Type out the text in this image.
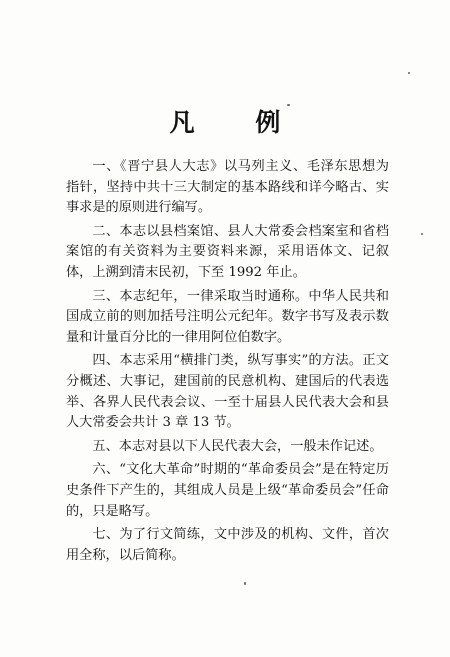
凡 例

一、《晋宁县人大志》以马列主义、毛泽东思想为指针，坚持中共十三大制定的基本路线和详今略古、实事求是的原则进行编写。

二、本志以县档案馆、县人大常委会档案室和省档案馆的有关资料为主要资料来源，采用语体文、记叙体，上溯到清末民初，下至 1992 年止。

三、本志纪年，一律采取当时通称。中华人民共和国成立前的则加括号注明公元纪年。数字书写及表示数量和计量百分比的一律用阿位伯数字。

四、本志采用“横排门类，纵写事实”的方法。正文分概述、大事记，建国前的民意机构、建国后的代表选举、各界人民代表会议、一至十届县人民代表大会和县人大常委会共计 3 章 13 节。

五、本志对县以下人民代表大会，一般未作记述。

六、“文化大革命”时期的“革命委员会”是在特定历史条件下产生的，其组成人员是上级“革命委员会”任命的，只是略写。

七、为了行文简练，文中涉及的机构、文件，首次用全称，以后简称。
